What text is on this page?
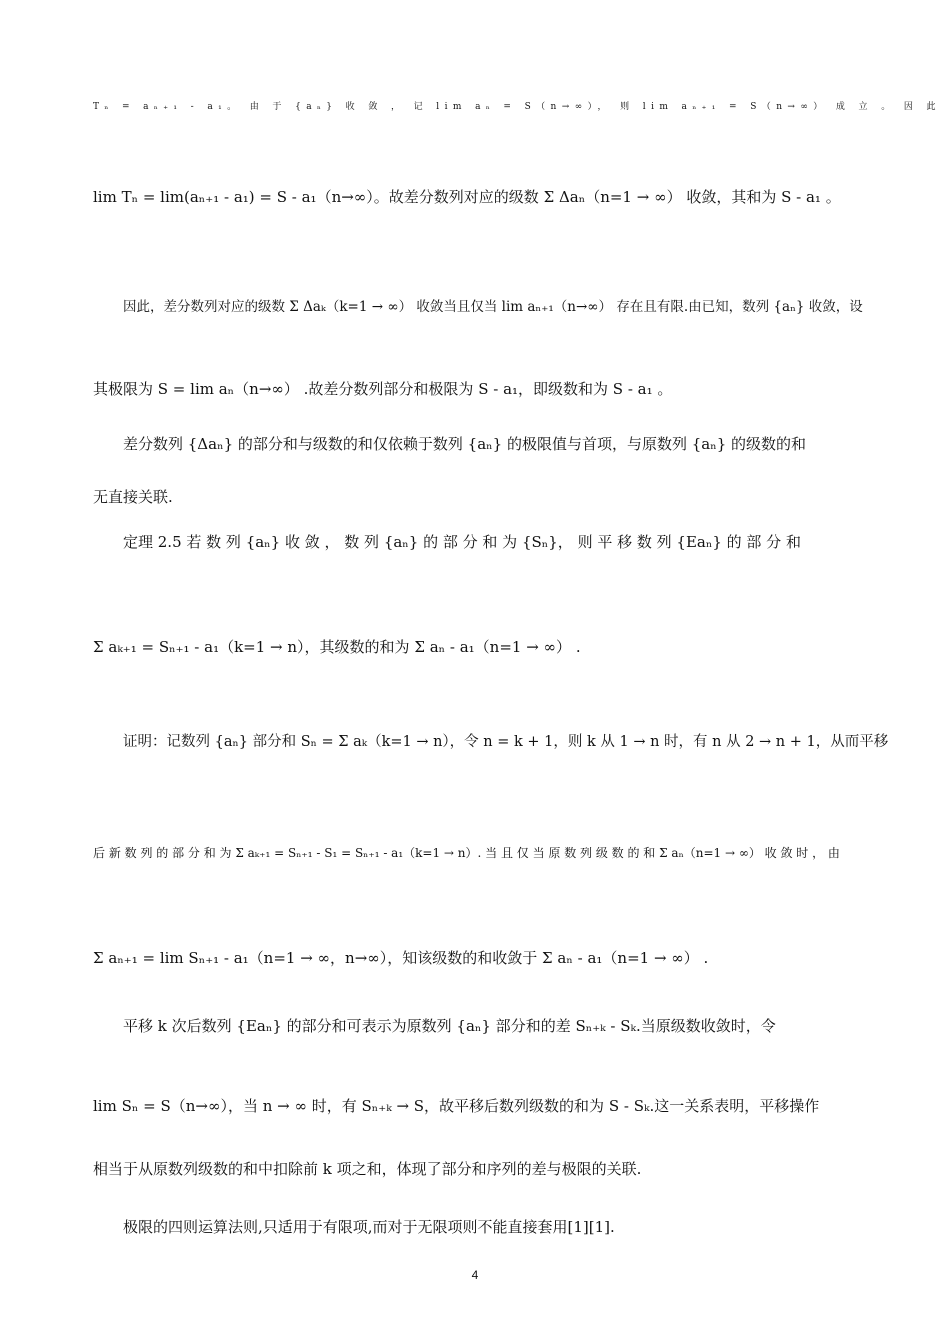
Tₙ = aₙ₊₁ - a₁。 由 于 {aₙ} 收 敛 ， 记 lim aₙ = S（n→∞）， 则 lim aₙ₊₁ = S（n→∞） 成 立 。 因 此
lim Tₙ = lim(aₙ₊₁ - a₁) = S - a₁（n→∞）。故差分数列对应的级数 Σ Δaₙ（n=1 → ∞） 收敛，其和为 S - a₁ 。
因此，差分数列对应的级数 Σ Δaₖ（k=1 → ∞） 收敛当且仅当 lim aₙ₊₁（n→∞） 存在且有限.由已知，数列 {aₙ} 收敛，设
其极限为 S = lim aₙ（n→∞） .故差分数列部分和极限为 S - a₁，即级数和为 S - a₁ 。
差分数列 {Δaₙ} 的部分和与级数的和仅依赖于数列 {aₙ} 的极限值与首项，与原数列 {aₙ} 的级数的和
无直接关联.
定理 2.5 若 数 列 {aₙ} 收 敛 ， 数 列 {aₙ} 的 部 分 和 为 {Sₙ}， 则 平 移 数 列 {Eaₙ} 的 部 分 和
Σ aₖ₊₁ = Sₙ₊₁ - a₁（k=1 → n），其级数的和为 Σ aₙ - a₁（n=1 → ∞） .
证明：记数列 {aₙ} 部分和 Sₙ = Σ aₖ（k=1 → n），令 n = k + 1，则 k 从 1 → n 时，有 n 从 2 → n + 1，从而平移
后 新 数 列 的 部 分 和 为 Σ aₖ₊₁ = Sₙ₊₁ - S₁ = Sₙ₊₁ - a₁（k=1 → n）. 当 且 仅 当 原 数 列 级 数 的 和 Σ aₙ（n=1 → ∞） 收 敛 时 ， 由
Σ aₙ₊₁ = lim Sₙ₊₁ - a₁（n=1 → ∞，n→∞），知该级数的和收敛于 Σ aₙ - a₁（n=1 → ∞） .
平移 k 次后数列 {Eaₙ} 的部分和可表示为原数列 {aₙ} 部分和的差 Sₙ₊ₖ - Sₖ.当原级数收敛时，令
lim Sₙ = S（n→∞），当 n → ∞ 时，有 Sₙ₊ₖ → S，故平移后数列级数的和为 S - Sₖ.这一关系表明，平移操作
相当于从原数列级数的和中扣除前 k 项之和，体现了部分和序列的差与极限的关联.
极限的四则运算法则,只适用于有限项,而对于无限项则不能直接套用[1][1].
4
